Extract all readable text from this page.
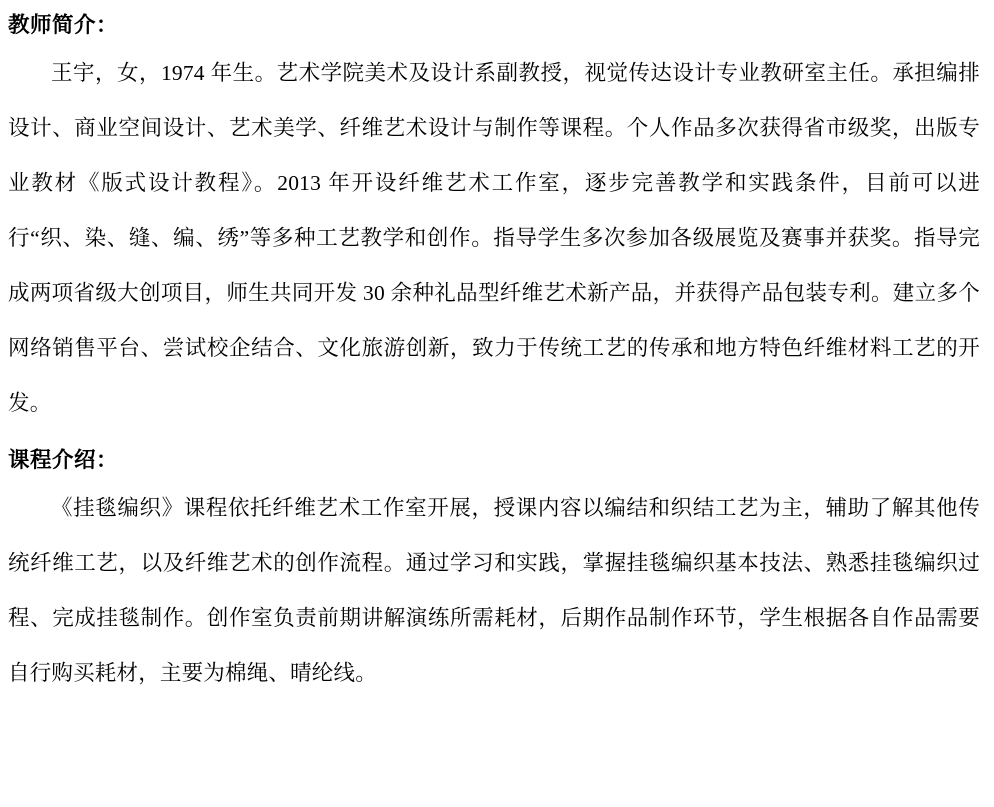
教师简介：

王宇，女，1974 年生。艺术学院美术及设计系副教授，视觉传达设计专业教研室主任。承担编排设计、商业空间设计、艺术美学、纤维艺术设计与制作等课程。个人作品多次获得省市级奖，出版专业教材《版式设计教程》。2013 年开设纤维艺术工作室，逐步完善教学和实践条件，目前可以进行“织、染、缝、编、绣”等多种工艺教学和创作。指导学生多次参加各级展览及赛事并获奖。指导完成两项省级大创项目，师生共同开发 30 余种礼品型纤维艺术新产品，并获得产品包装专利。建立多个网络销售平台、尝试校企结合、文化旅游创新，致力于传统工艺的传承和地方特色纤维材料工艺的开发。

课程介绍：

《挂毯编织》课程依托纤维艺术工作室开展，授课内容以编结和织结工艺为主，辅助了解其他传统纤维工艺，以及纤维艺术的创作流程。通过学习和实践，掌握挂毯编织基本技法、熟悉挂毯编织过程、完成挂毯制作。创作室负责前期讲解演练所需耗材，后期作品制作环节，学生根据各自作品需要自行购买耗材，主要为棉绳、晴纶线。
